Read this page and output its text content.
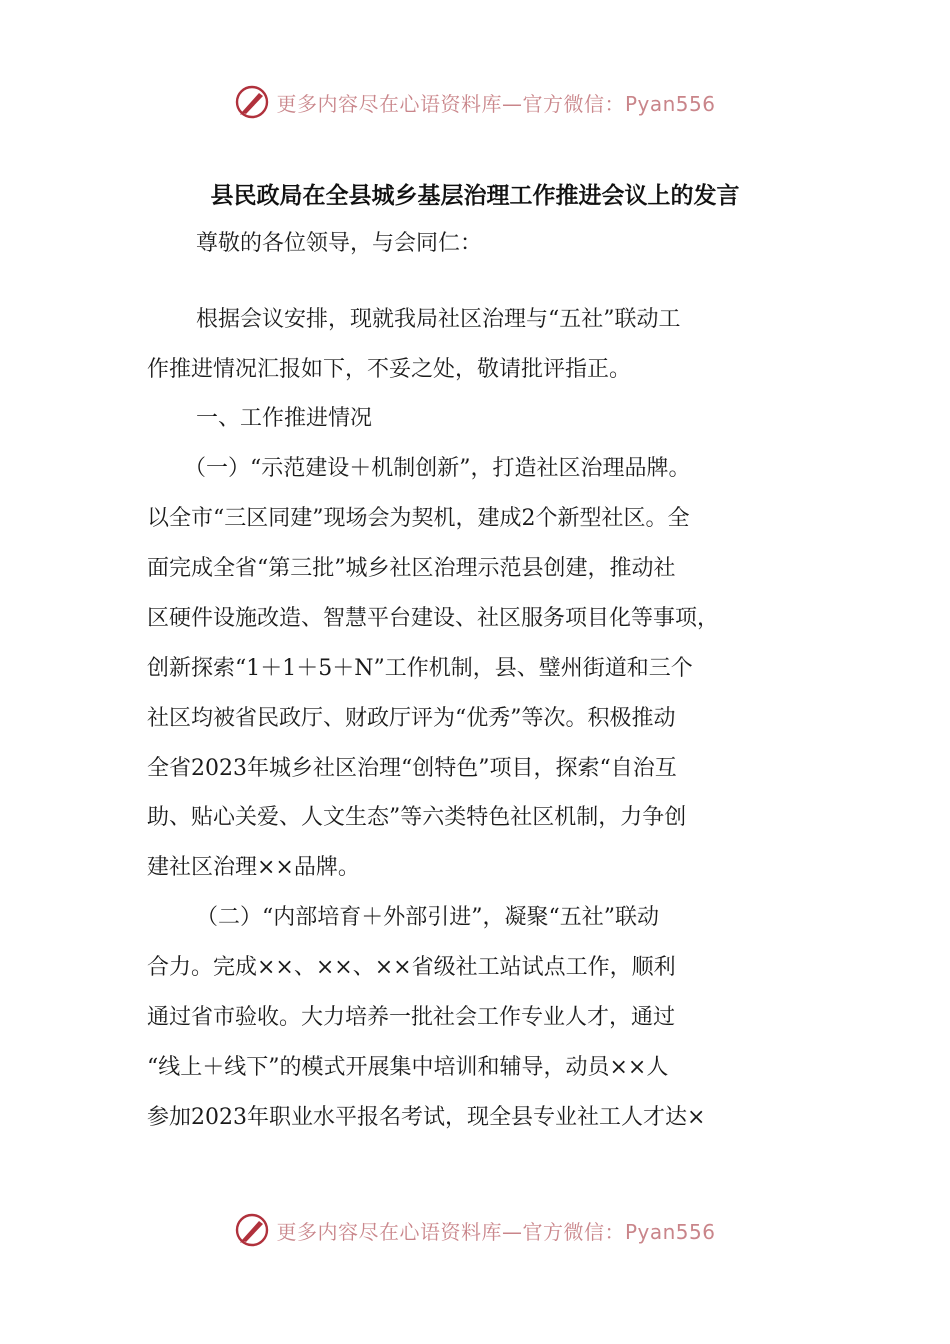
更多内容尽在心语资料库—官方微信：Pyan556
县民政局在全县城乡基层治理工作推进会议上的发言
尊敬的各位领导，与会同仁：
根据会议安排，现就我局社区治理与“五社”联动工
作推进情况汇报如下，不妥之处，敬请批评指正。
一、工作推进情况
（一）“示范建设＋机制创新”，打造社区治理品牌。
以全市“三区同建”现场会为契机，建成2个新型社区。全
面完成全省“第三批”城乡社区治理示范县创建，推动社
区硬件设施改造、智慧平台建设、社区服务项目化等事项，
创新探索“1＋1＋5＋N”工作机制，县、璧州街道和三个
社区均被省民政厅、财政厅评为“优秀”等次。积极推动
全省2023年城乡社区治理“创特色”项目，探索“自治互
助、贴心关爱、人文生态”等六类特色社区机制，力争创
建社区治理××品牌。
（二）“内部培育＋外部引进”，凝聚“五社”联动
合力。完成××、××、××省级社工站试点工作，顺利
通过省市验收。大力培养一批社会工作专业人才，通过
“线上＋线下”的模式开展集中培训和辅导，动员××人
参加2023年职业水平报名考试，现全县专业社工人才达×
更多内容尽在心语资料库—官方微信：Pyan556
